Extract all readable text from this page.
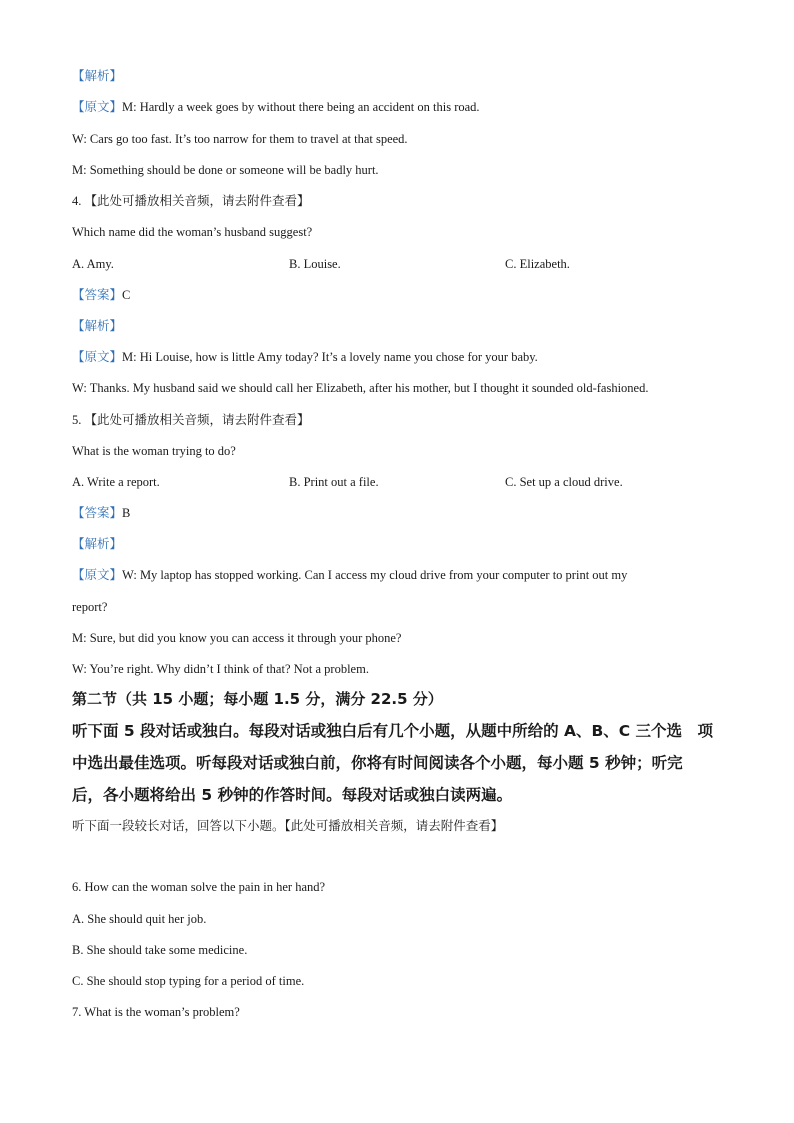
【解析】
【原文】M: Hardly a week goes by without there being an accident on this road.
W: Cars go too fast. It’s too narrow for them to travel at that speed.
M: Something should be done or someone will be badly hurt.
4. 【此处可播放相关音频，请去附件查看】
Which name did the woman’s husband suggest?
A. Amy.	B. Louise.	C. Elizabeth.
【答案】C
【解析】
【原文】M: Hi Louise, how is little Amy today? It’s a lovely name you chose for your baby.
W: Thanks. My husband said we should call her Elizabeth, after his mother, but I thought it sounded old-fashioned.
5. 【此处可播放相关音频，请去附件查看】
What is the woman trying to do?
A. Write a report.	B. Print out a file.	C. Set up a cloud drive.
【答案】B
【解析】
【原文】W: My laptop has stopped working. Can I access my cloud drive from your computer to print out my
report?
M: Sure, but did you know you can access it through your phone?
W: You’re right. Why didn’t I think of that? Not a problem.
第二节（共 15 小题；每小题 1.5 分，满分 22.5 分）
听下面 5 段对话或独白。每段对话或独白后有几个小题，从题中所给的 A、B、C 三个选　项
中选出最佳选项。听每段对话或独白前，你将有时间阅读各个小题，每小题 5 秒钟；听完
后，各小题将给出 5 秒钟的作答时间。每段对话或独白读两遍。
听下面一段较长对话，回答以下小题。【此处可播放相关音频，请去附件查看】
6. How can the woman solve the pain in her hand?
A. She should quit her job.
B. She should take some medicine.
C. She should stop typing for a period of time.
7. What is the woman’s problem?
